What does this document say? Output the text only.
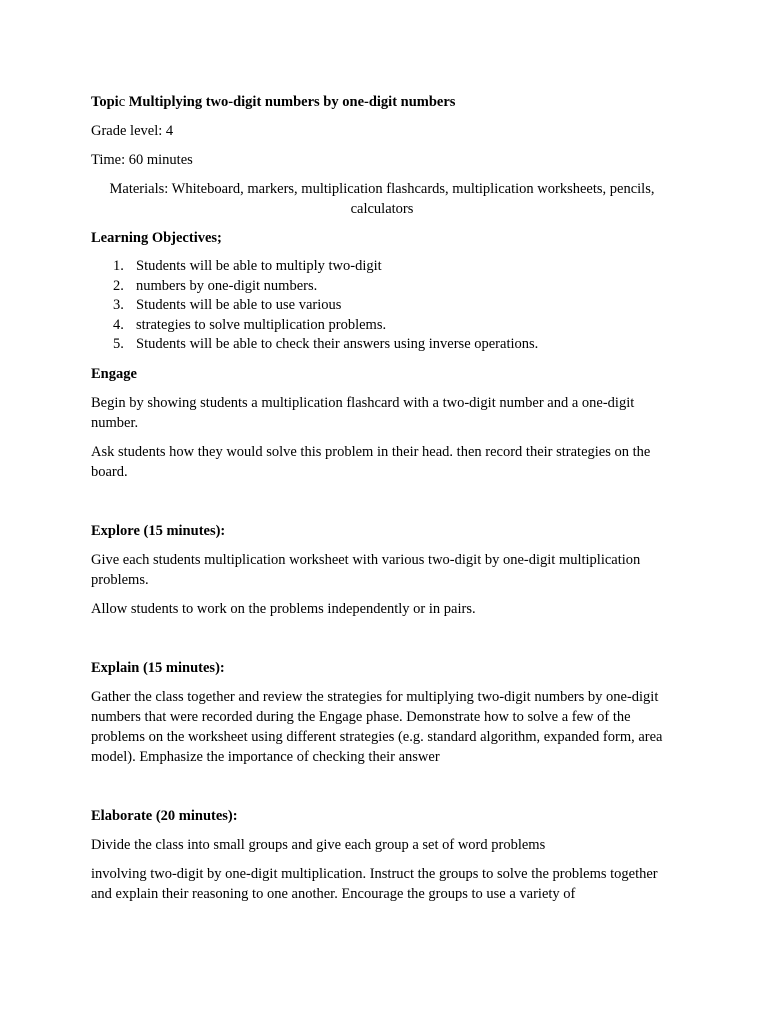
Topic Multiplying two-digit numbers by one-digit numbers

Grade level: 4

Time: 60 minutes

Materials: Whiteboard, markers, multiplication flashcards, multiplication worksheets, pencils, calculators

Learning Objectives;

1. Students will be able to multiply two-digit
2. numbers by one-digit numbers.
3. Students will be able to use various
4. strategies to solve multiplication problems.
5. Students will be able to check their answers using inverse operations.

Engage

Begin by showing students a multiplication flashcard with a two-digit number and a one-digit number.

Ask students how they would solve this problem in their head. then record their strategies on the board.

Explore (15 minutes):

Give each students multiplication worksheet with various two-digit by one-digit multiplication problems.

Allow students to work on the problems independently or in pairs.

Explain (15 minutes):

Gather the class together and review the strategies for multiplying two-digit numbers by one-digit numbers that were recorded during the Engage phase. Demonstrate how to solve a few of the problems on the worksheet using different strategies (e.g. standard algorithm, expanded form, area model). Emphasize the importance of checking their answer

Elaborate (20 minutes):

Divide the class into small groups and give each group a set of word problems

involving two-digit by one-digit multiplication. Instruct the groups to solve the problems together and explain their reasoning to one another. Encourage the groups to use a variety of
